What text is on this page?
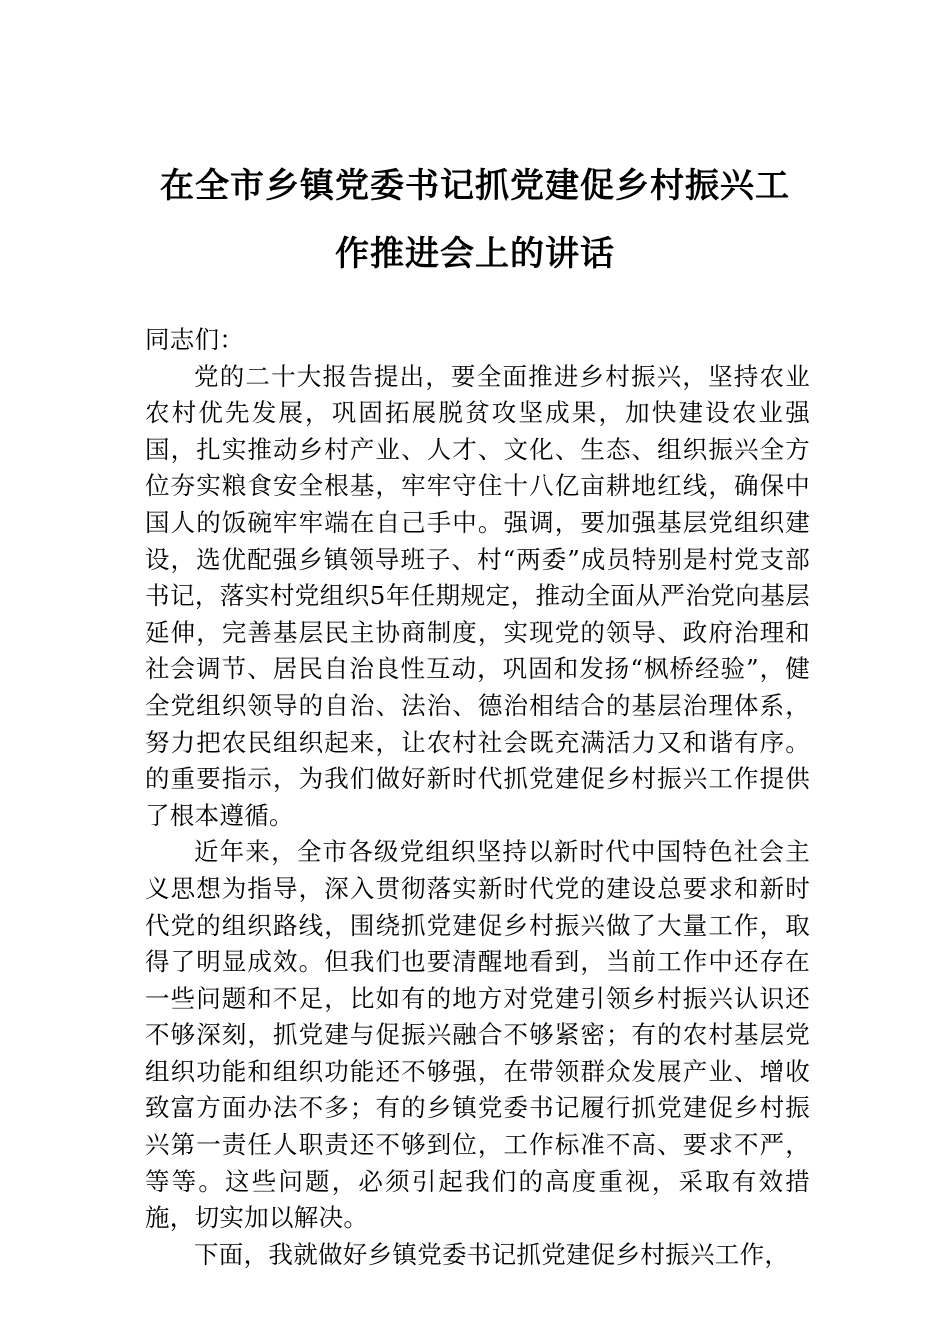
在全市乡镇党委书记抓党建促乡村振兴工
作推进会上的讲话

同志们：

党的二十大报告提出，要全面推进乡村振兴，坚持农业农村优先发展，巩固拓展脱贫攻坚成果，加快建设农业强国，扎实推动乡村产业、人才、文化、生态、组织振兴全方位夯实粮食安全根基，牢牢守住十八亿亩耕地红线，确保中国人的饭碗牢牢端在自己手中。强调，要加强基层党组织建设，选优配强乡镇领导班子、村“两委”成员特别是村党支部书记，落实村党组织5年任期规定，推动全面从严治党向基层延伸，完善基层民主协商制度，实现党的领导、政府治理和社会调节、居民自治良性互动，巩固和发扬“枫桥经验”，健全党组织领导的自治、法治、德治相结合的基层治理体系，努力把农民组织起来，让农村社会既充满活力又和谐有序。的重要指示，为我们做好新时代抓党建促乡村振兴工作提供了根本遵循。

近年来，全市各级党组织坚持以新时代中国特色社会主义思想为指导，深入贯彻落实新时代党的建设总要求和新时代党的组织路线，围绕抓党建促乡村振兴做了大量工作，取得了明显成效。但我们也要清醒地看到，当前工作中还存在一些问题和不足，比如有的地方对党建引领乡村振兴认识还不够深刻，抓党建与促振兴融合不够紧密；有的农村基层党组织功能和组织功能还不够强，在带领群众发展产业、增收致富方面办法不多；有的乡镇党委书记履行抓党建促乡村振兴第一责任人职责还不够到位，工作标准不高、要求不严，等等。这些问题，必须引起我们的高度重视，采取有效措施，切实加以解决。

下面，我就做好乡镇党委书记抓党建促乡村振兴工作，
